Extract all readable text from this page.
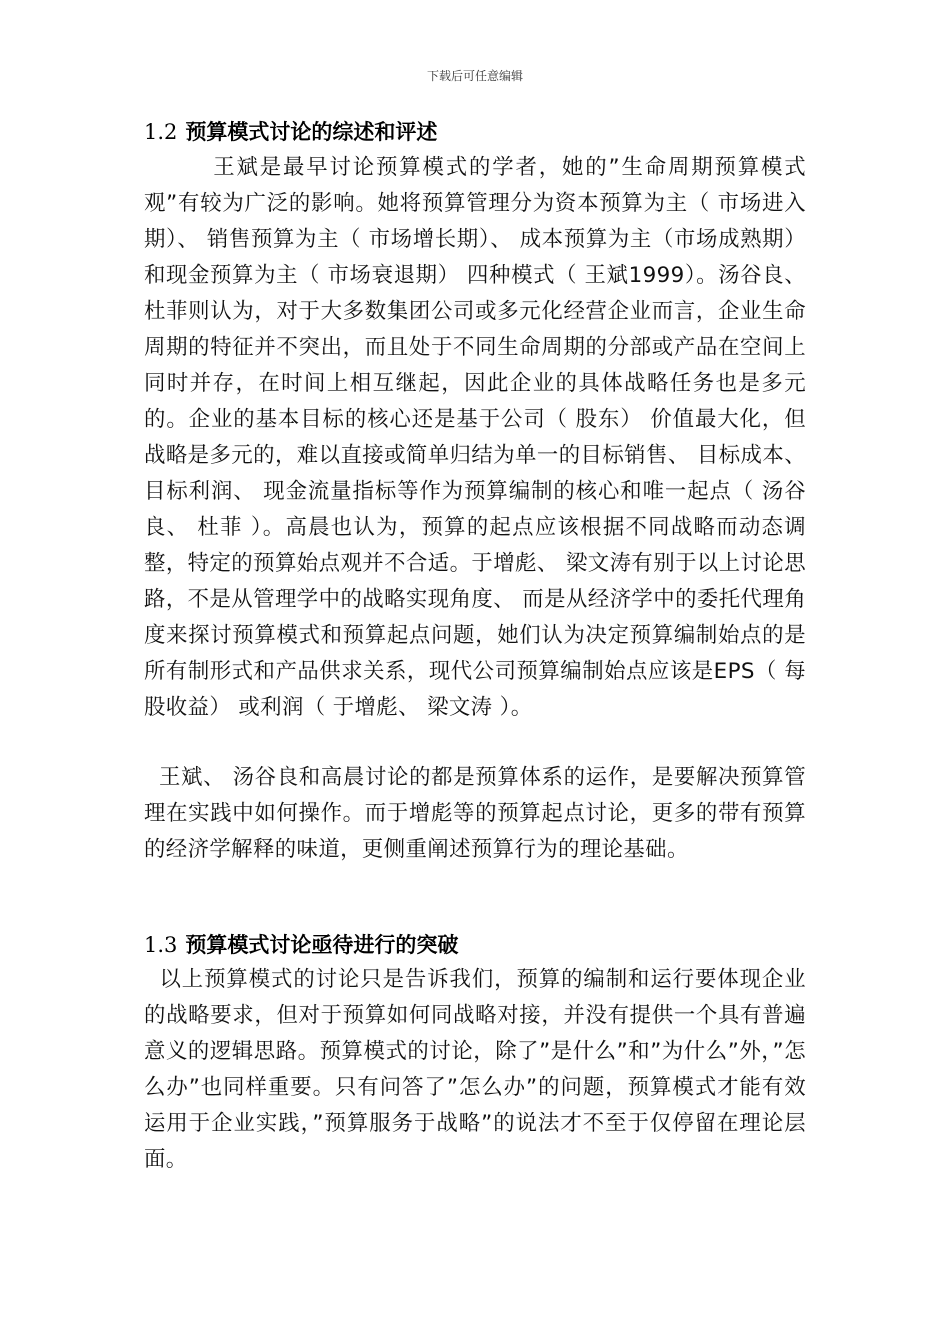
下载后可任意编辑
1.2 预算模式讨论的综述和评述

王斌是最早讨论预算模式的学者，她的”生命周期预算模式观”有较为广泛的影响。她将预算管理分为资本预算为主（ 市场进入期）、 销售预算为主（ 市场增长期）、 成本预算为主（市场成熟期） 和现金预算为主（ 市场衰退期） 四种模式（ 王斌1999）。汤谷良、 杜菲则认为，对于大多数集团公司或多元化经营企业而言，企业生命周期的特征并不突出，而且处于不同生命周期的分部或产品在空间上同时并存，在时间上相互继起，因此企业的具体战略任务也是多元的。企业的基本目标的核心还是基于公司（ 股东） 价值最大化，但战略是多元的，难以直接或简单归结为单一的目标销售、 目标成本、 目标利润、 现金流量指标等作为预算编制的核心和唯一起点（ 汤谷良、 杜菲 ）。高晨也认为，预算的起点应该根据不同战略而动态调整，特定的预算始点观并不合适。于增彪、 梁文涛有别于以上讨论思路，不是从管理学中的战略实现角度、 而是从经济学中的委托代理角度来探讨预算模式和预算起点问题，她们认为决定预算编制始点的是所有制形式和产品供求关系，现代公司预算编制始点应该是EPS（ 每股收益） 或利润（ 于增彪、 梁文涛 ）。

王斌、 汤谷良和高晨讨论的都是预算体系的运作，是要解决预算管理在实践中如何操作。而于增彪等的预算起点讨论，更多的带有预算的经济学解释的味道，更侧重阐述预算行为的理论基础。

1.3 预算模式讨论亟待进行的突破

以上预算模式的讨论只是告诉我们，预算的编制和运行要体现企业的战略要求，但对于预算如何同战略对接，并没有提供一个具有普遍意义的逻辑思路。预算模式的讨论，除了”是什么”和”为什么”外，”怎么办”也同样重要。只有问答了”怎么办”的问题，预算模式才能有效运用于企业实践，”预算服务于战略”的说法才不至于仅停留在理论层面。
